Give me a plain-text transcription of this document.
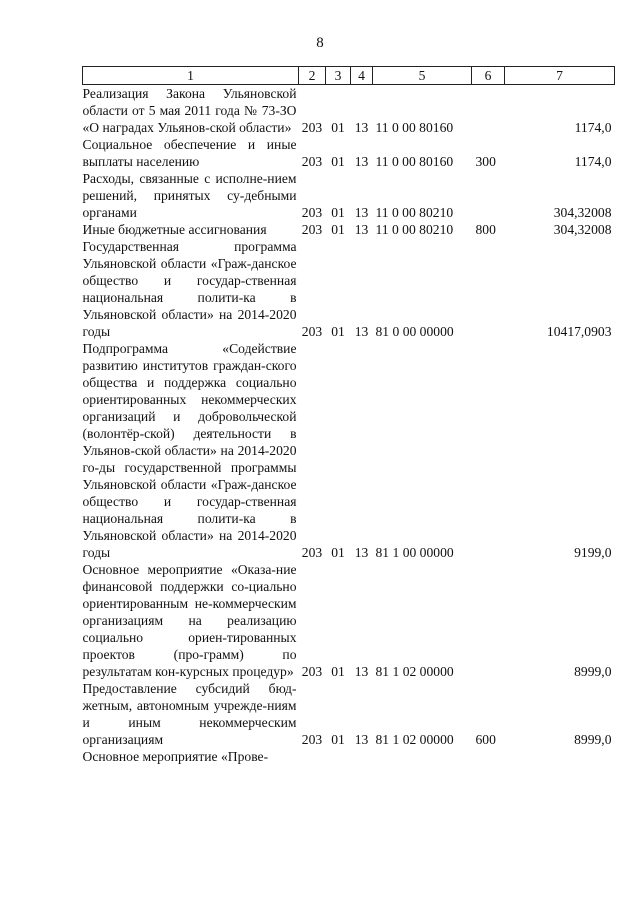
8
1	2	3	4	5	6	7
Реализация Закона Ульяновской области от 5 мая 2011 года № 73-ЗО «О наградах Ульянов-ской области»	203	01	13	11 0 00 80160		1174,0
Социальное обеспечение и иные выплаты населению	203	01	13	11 0 00 80160	300	1174,0
Расходы, связанные с исполне-нием решений, принятых су-дебными органами	203	01	13	11 0 00 80210		304,32008
Иные бюджетные ассигнования	203	01	13	11 0 00 80210	800	304,32008
Государственная программа Ульяновской области «Граж-данское общество и государ-ственная национальная полити-ка в Ульяновской области» на 2014-2020 годы	203	01	13	81 0 00 00000		10417,0903
Подпрограмма «Содействие развитию институтов граждан-ского общества и поддержка социально ориентированных некоммерческих организаций и добровольческой (волонтёр-ской) деятельности в Ульянов-ской области» на 2014-2020 го-ды государственной программы Ульяновской области «Граж-данское общество и государ-ственная национальная полити-ка в Ульяновской области» на 2014-2020 годы	203	01	13	81 1 00 00000		9199,0
Основное мероприятие «Оказа-ние финансовой поддержки со-циально ориентированным не-коммерческим организациям на реализацию социально ориен-тированных проектов (про-грамм) по результатам кон-курсных процедур»	203	01	13	81 1 02 00000		8999,0
Предоставление субсидий бюд-жетным, автономным учрежде-ниям и иным некоммерческим организациям	203	01	13	81 1 02 00000	600	8999,0
Основное мероприятие «Прове-						
